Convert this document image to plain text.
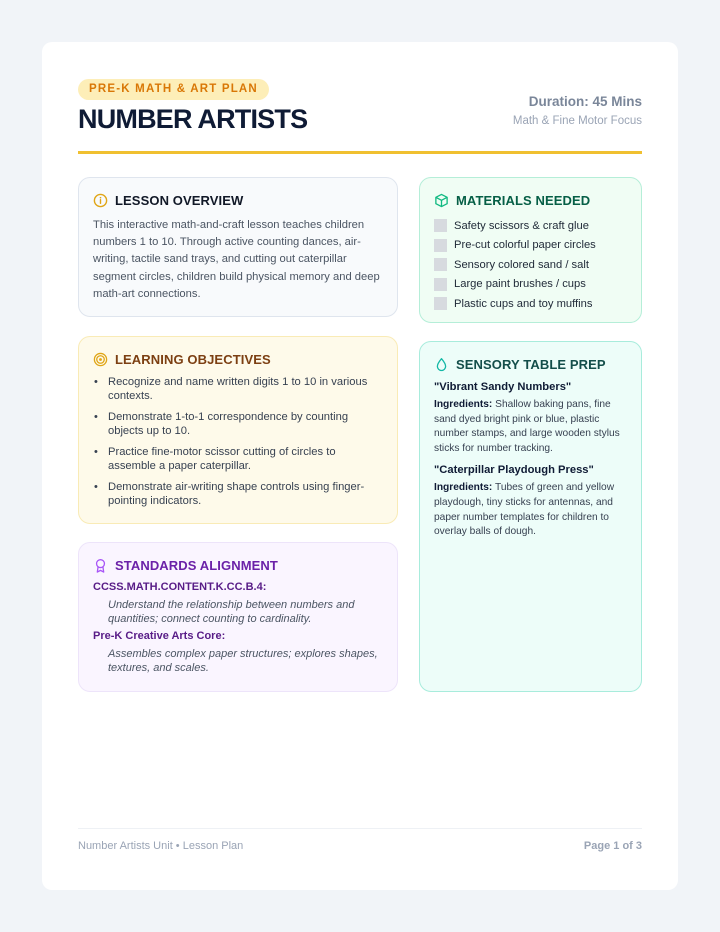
PRE-K MATH & ART PLAN
NUMBER ARTISTS
Duration: 45 Mins
Math & Fine Motor Focus
LESSON OVERVIEW

This interactive math-and-craft lesson teaches children numbers 1 to 10. Through active counting dances, air-writing, tactile sand trays, and cutting out caterpillar segment circles, children build physical memory and deep math-art connections.

LEARNING OBJECTIVES
• Recognize and name written digits 1 to 10 in various contexts.
• Demonstrate 1-to-1 correspondence by counting objects up to 10.
• Practice fine-motor scissor cutting of circles to assemble a paper caterpillar.
• Demonstrate air-writing shape controls using finger-pointing indicators.
STANDARDS ALIGNMENT
CCSS.MATH.CONTENT.K.CC.B.4:
Understand the relationship between numbers and quantities; connect counting to cardinality.
Pre-K Creative Arts Core:
Assembles complex paper structures; explores shapes, textures, and scales.
MATERIALS NEEDED
Safety scissors & craft glue
Pre-cut colorful paper circles
Sensory colored sand / salt
Large paint brushes / cups
Plastic cups and toy muffins
SENSORY TABLE PREP
"Vibrant Sandy Numbers"
Ingredients: Shallow baking pans, fine sand dyed bright pink or blue, plastic number stamps, and large wooden stylus sticks for number tracking.
"Caterpillar Playdough Press"
Ingredients: Tubes of green and yellow playdough, tiny sticks for antennas, and paper number templates for children to overlay balls of dough.
Number Artists Unit • Lesson Plan	Page 1 of 3
